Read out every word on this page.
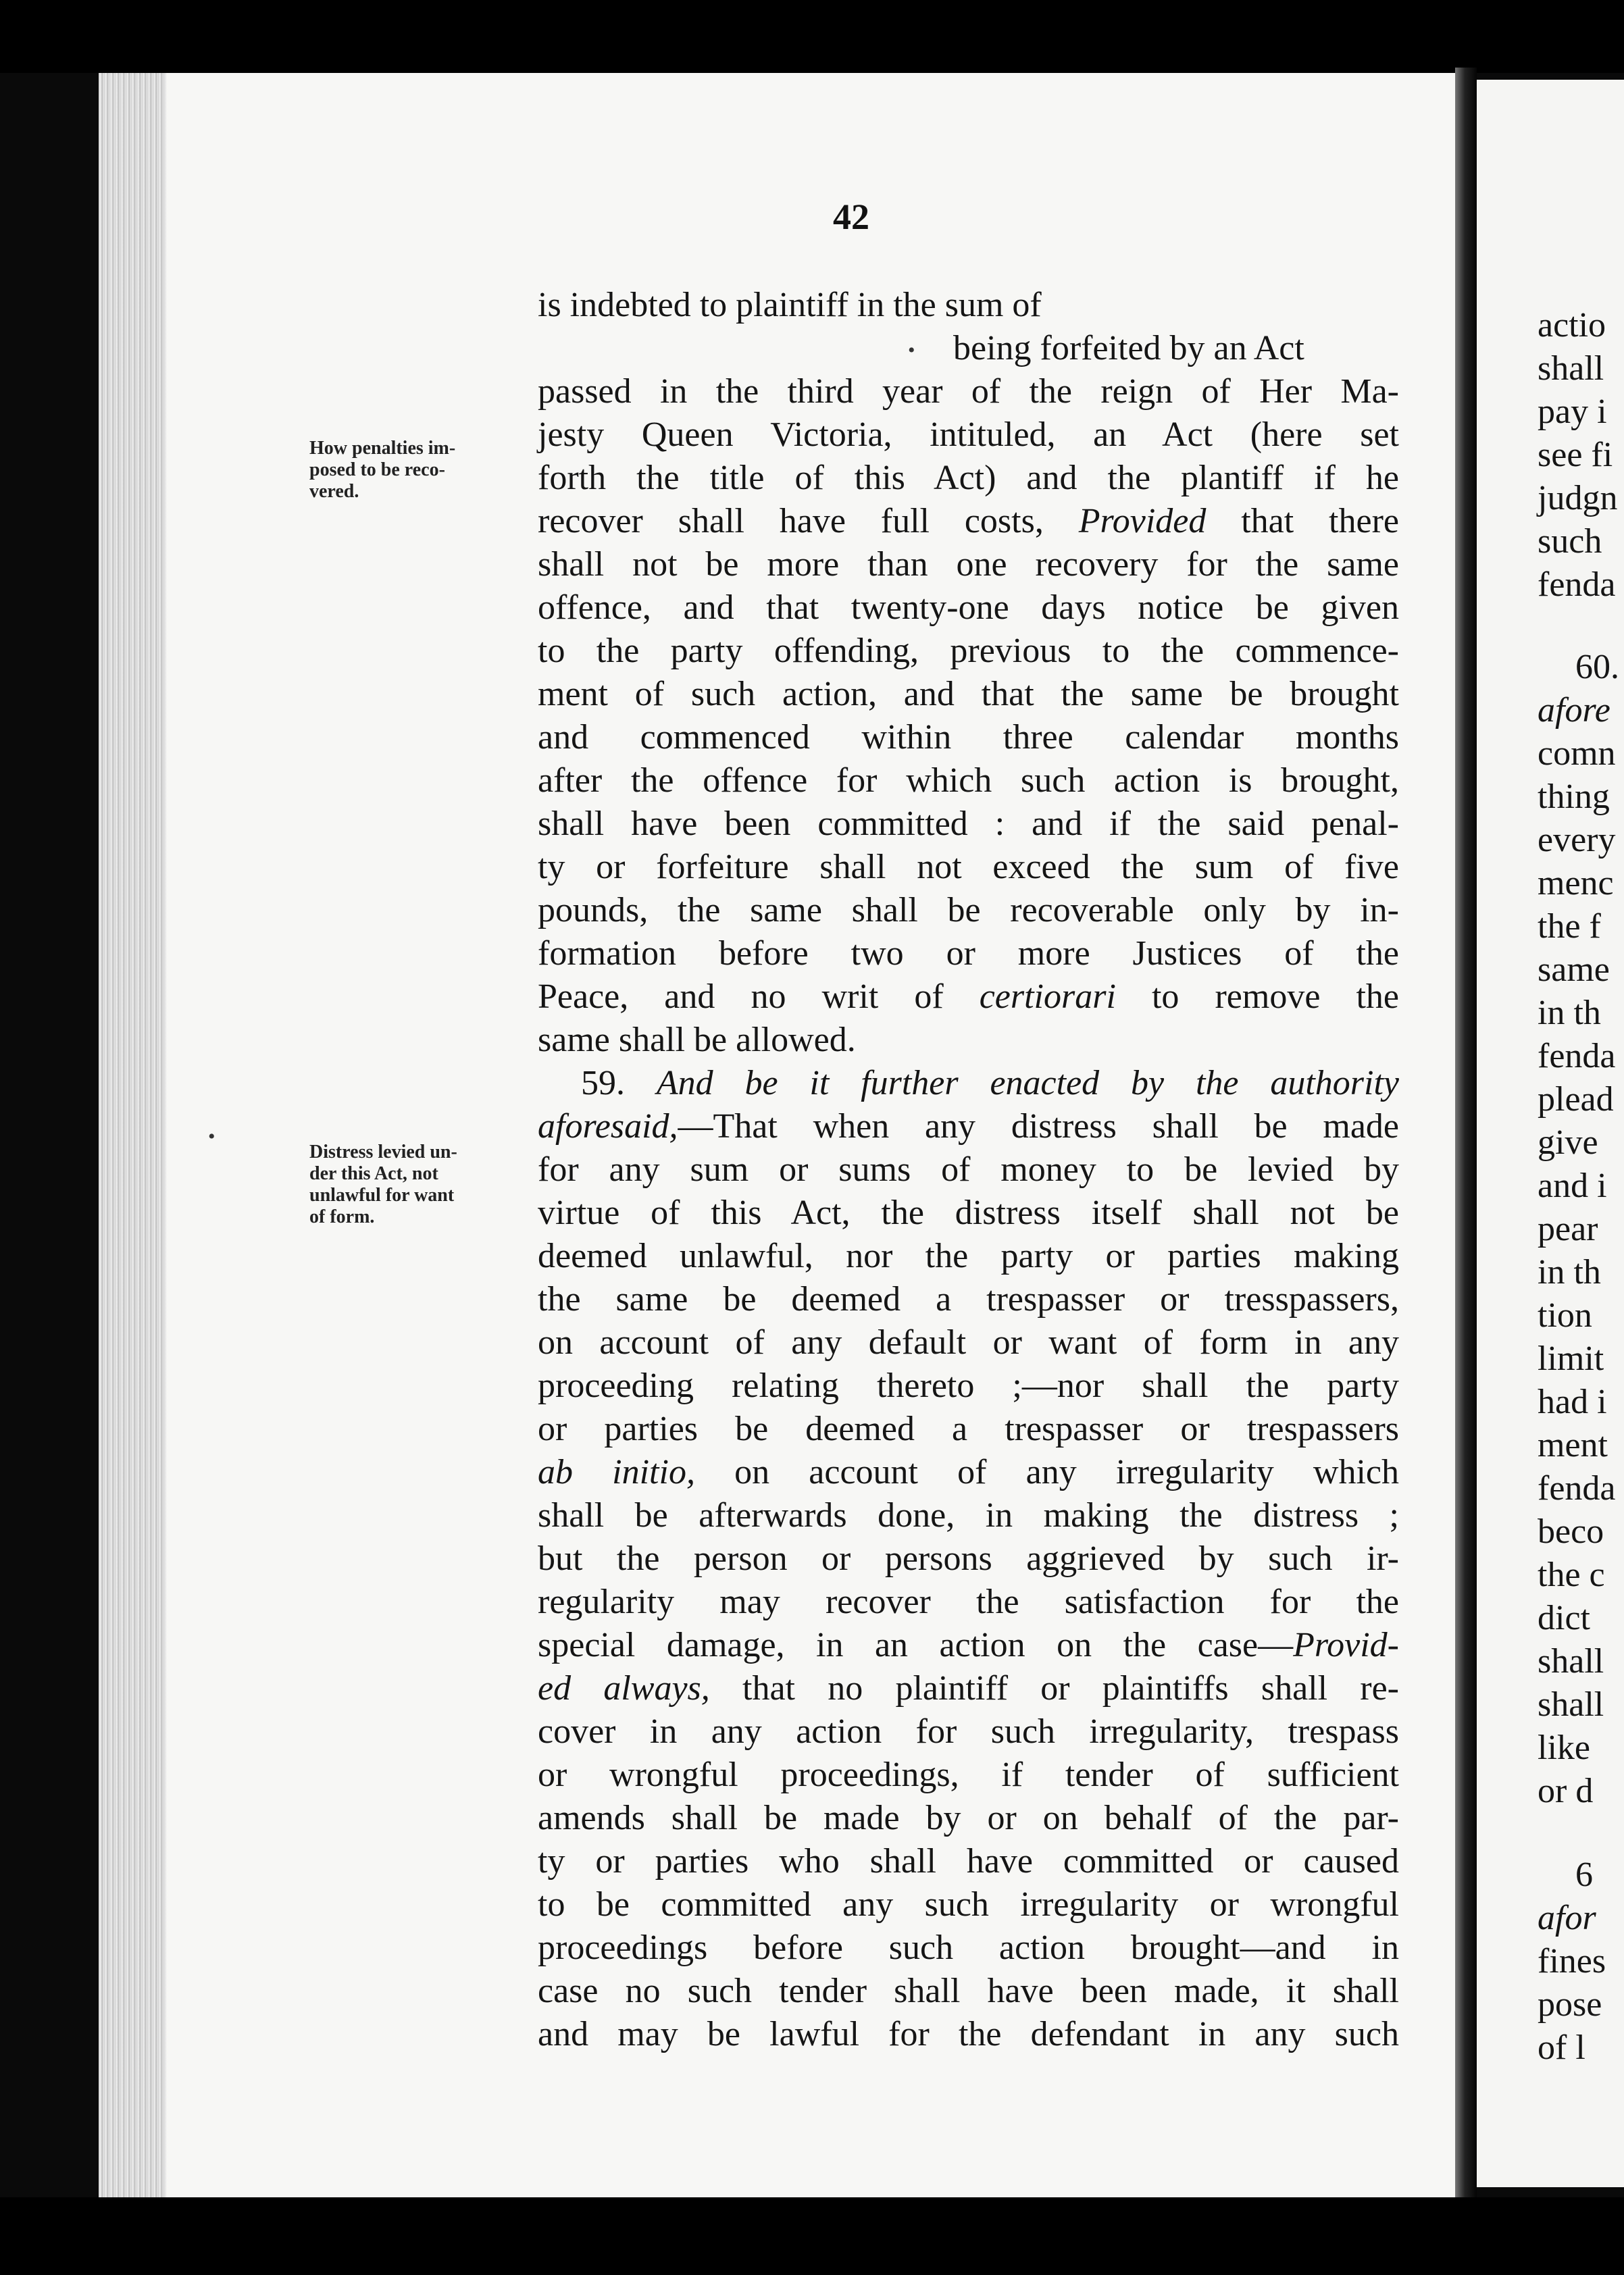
42
How penalties im-
posed to be reco-
vered.
Distress levied un-
der this Act, not
unlawful for want
of form.
•
•
is indebted to plaintiff in the sum of
being forfeited by an Act
passed in the third year of the reign of Her Ma-
jesty Queen Victoria, intituled, an Act (here set
forth the title of this Act) and the plantiff if he
recover shall have full costs, Provided that there
shall not be more than one recovery for the same
offence, and that twenty-one days notice be given
to the party offending, previous to the commence-
ment of such action, and that the same be brought
and commenced within three calendar months
after the offence for which such action is brought,
shall have been committed : and if the said penal-
ty or forfeiture shall not exceed the sum of five
pounds, the same shall be recoverable only by in-
formation before two or more Justices of the
Peace, and no writ of certiorari to remove the
same shall be allowed.
59. And be it further enacted by the authority
aforesaid,—That when any distress shall be made
for any sum or sums of money to be levied by
virtue of this Act, the distress itself shall not be
deemed unlawful, nor the party or parties making
the same be deemed a trespasser or tresspassers,
on account of any default or want of form in any
proceeding relating thereto ;—nor shall the party
or parties be deemed a trespasser or trespassers
ab initio, on account of any irregularity which
shall be afterwards done, in making the distress ;
but the person or persons aggrieved by such ir-
regularity may recover the satisfaction for the
special damage, in an action on the case—Provid-
ed always, that no plaintiff or plaintiffs shall re-
cover in any action for such irregularity, trespass
or wrongful proceedings, if tender of sufficient
amends shall be made by or on behalf of the par-
ty or parties who shall have committed or caused
to be committed any such irregularity or wrongful
proceedings before such action brought—and in
case no such tender shall have been made, it shall
and may be lawful for the defendant in any such
actio
shall
pay i
see fi
judgn
such
fenda
60.
afore
comn
thing
every
menc
the f
same
in th
fenda
plead
give
and i
pear
in th
tion
limit
had i
ment
fenda
beco
the c
dict
shall
shall
like
or d
6
afor
fines
pose
of l
